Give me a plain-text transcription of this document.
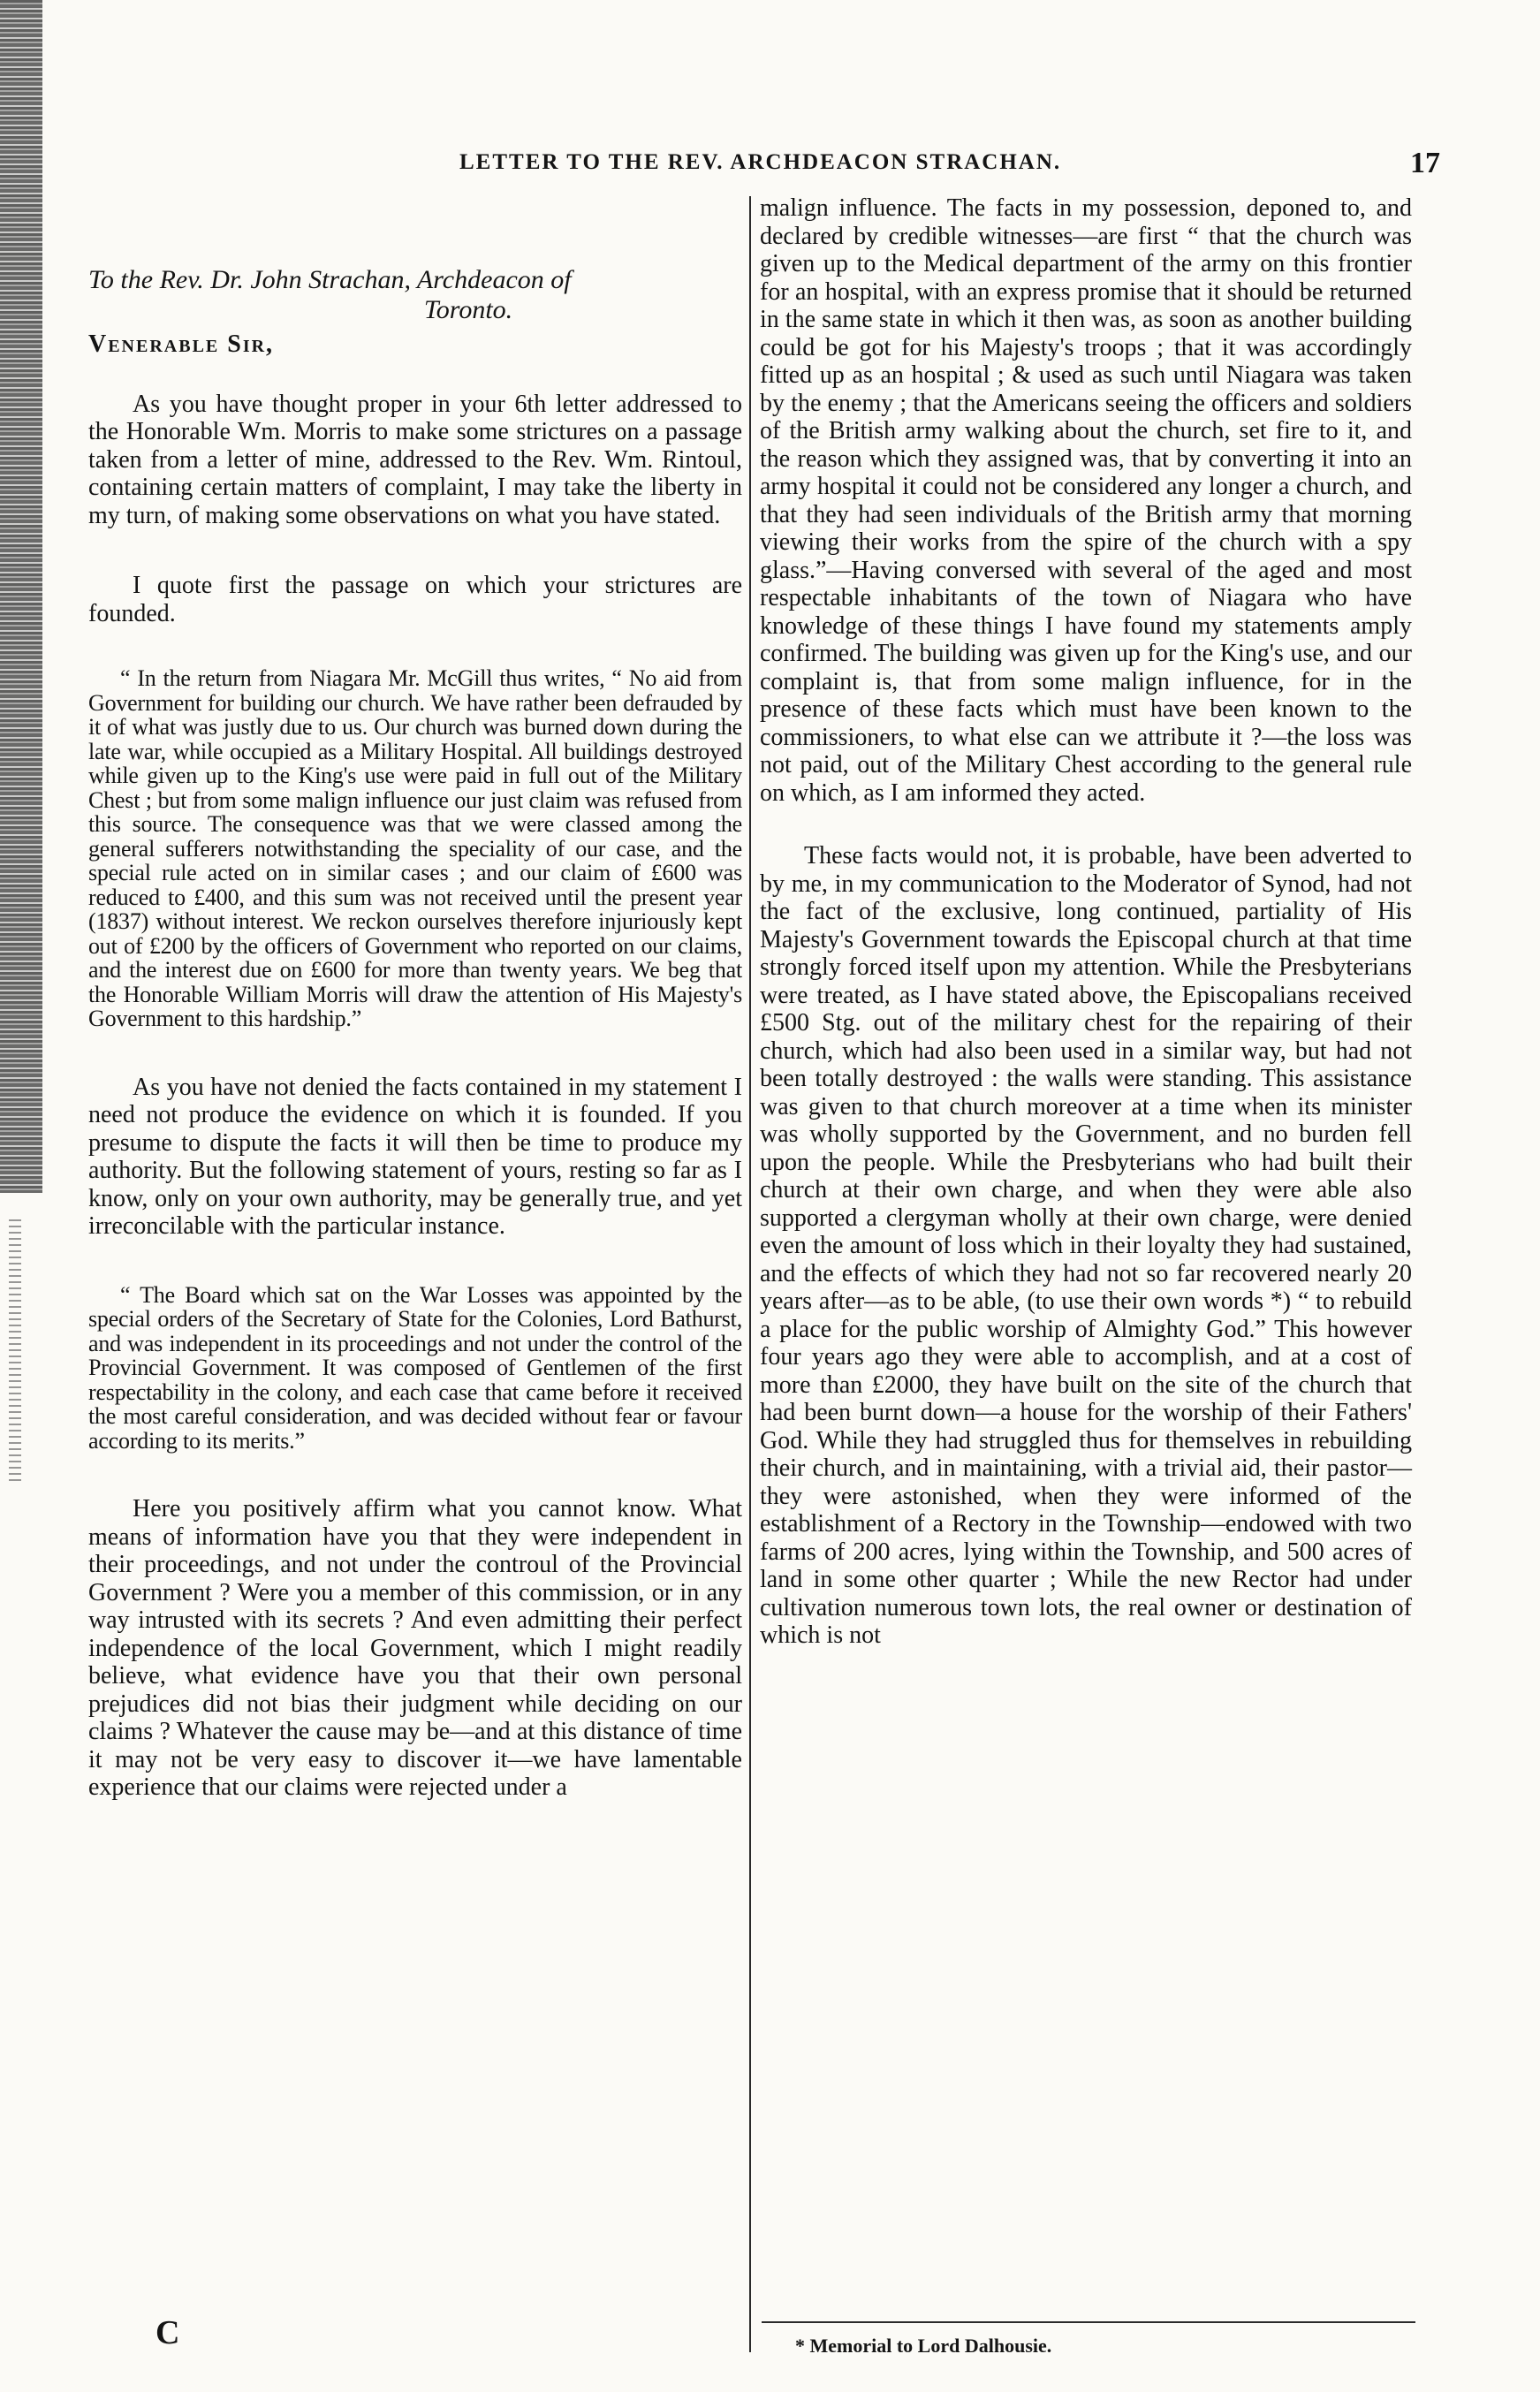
LETTER TO THE REV. ARCHDEACON STRACHAN.	17
To the Rev. Dr. John Strachan, Archdeacon of
Toronto.
Venerable Sir,

As you have thought proper in your 6th letter addressed to the Honorable Wm. Morris to make some strictures on a passage taken from a letter of mine, addressed to the Rev. Wm. Rintoul, containing certain matters of complaint, I may take the liberty in my turn, of making some observations on what you have stated.

I quote first the passage on which your strictures are founded.

“ In the return from Niagara Mr. McGill thus writes, “ No aid from Government for building our church. We have rather been defrauded by it of what was justly due to us. Our church was burned down during the late war, while occupied as a Military Hospital. All buildings destroyed while given up to the King's use were paid in full out of the Military Chest ; but from some malign influence our just claim was refused from this source. The consequence was that we were classed among the general sufferers notwithstanding the speciality of our case, and the special rule acted on in similar cases ; and our claim of £600 was reduced to £400, and this sum was not received until the present year (1837) without interest. We reckon ourselves therefore injuriously kept out of £200 by the officers of Government who reported on our claims, and the interest due on £600 for more than twenty years. We beg that the Honorable William Morris will draw the attention of His Majesty's Government to this hardship.”

As you have not denied the facts contained in my statement I need not produce the evidence on which it is founded. If you presume to dispute the facts it will then be time to produce my authority. But the following statement of yours, resting so far as I know, only on your own authority, may be generally true, and yet irreconcilable with the particular instance.

“ The Board which sat on the War Losses was appointed by the special orders of the Secretary of State for the Colonies, Lord Bathurst, and was independent in its proceedings and not under the control of the Provincial Government. It was composed of Gentlemen of the first respectability in the colony, and each case that came before it received the most careful consideration, and was decided without fear or favour according to its merits.”

Here you positively affirm what you cannot know. What means of information have you that they were independent in their proceedings, and not under the controul of the Provincial Government ? Were you a member of this commission, or in any way intrusted with its secrets ? And even admitting their perfect independence of the local Government, which I might readily believe, what evidence have you that their own personal prejudices did not bias their judgment while deciding on our claims ? Whatever the cause may be—and at this distance of time it may not be very easy to discover it—we have lamentable experience that our claims were rejected under a

C

malign influence. The facts in my possession, deponed to, and declared by credible witnesses—are first “ that the church was given up to the Medical department of the army on this frontier for an hospital, with an express promise that it should be returned in the same state in which it then was, as soon as another building could be got for his Majesty's troops ; that it was accordingly fitted up as an hospital ; & used as such until Niagara was taken by the enemy ; that the Americans seeing the officers and soldiers of the British army walking about the church, set fire to it, and the reason which they assigned was, that by converting it into an army hospital it could not be considered any longer a church, and that they had seen individuals of the British army that morning viewing their works from the spire of the church with a spy glass.”—Having conversed with several of the aged and most respectable inhabitants of the town of Niagara who have knowledge of these things I have found my statements amply confirmed. The building was given up for the King's use, and our complaint is, that from some malign influence, for in the presence of these facts which must have been known to the commissioners, to what else can we attribute it ?—the loss was not paid, out of the Military Chest according to the general rule on which, as I am informed they acted.

These facts would not, it is probable, have been adverted to by me, in my communication to the Moderator of Synod, had not the fact of the exclusive, long continued, partiality of His Majesty's Government towards the Episcopal church at that time strongly forced itself upon my attention. While the Presbyterians were treated, as I have stated above, the Episcopalians received £500 Stg. out of the military chest for the repairing of their church, which had also been used in a similar way, but had not been totally destroyed : the walls were standing. This assistance was given to that church moreover at a time when its minister was wholly supported by the Government, and no burden fell upon the people. While the Presbyterians who had built their church at their own charge, and when they were able also supported a clergyman wholly at their own charge, were denied even the amount of loss which in their loyalty they had sustained, and the effects of which they had not so far recovered nearly 20 years after—as to be able, (to use their own words *) “ to rebuild a place for the public worship of Almighty God.” This however four years ago they were able to accomplish, and at a cost of more than £2000, they have built on the site of the church that had been burnt down—a house for the worship of their Fathers' God. While they had struggled thus for themselves in rebuilding their church, and in maintaining, with a trivial aid, their pastor—they were astonished, when they were informed of the establishment of a Rectory in the Township—endowed with two farms of 200 acres, lying within the Township, and 500 acres of land in some other quarter ; While the new Rector had under cultivation numerous town lots, the real owner or destination of which is not

* Memorial to Lord Dalhousie.
